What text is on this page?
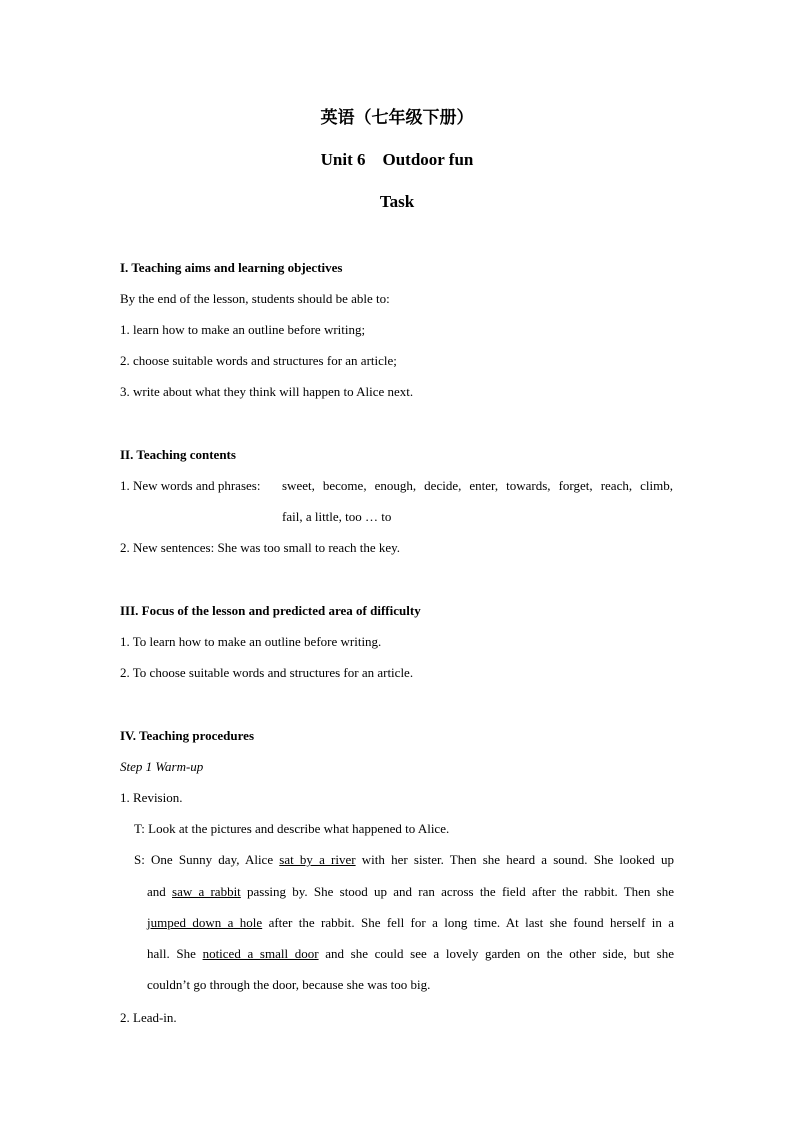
英语（七年级下册）
Unit 6　Outdoor fun
Task
I. Teaching aims and learning objectives
By the end of the lesson, students should be able to:
1. learn how to make an outline before writing;
2. choose suitable words and structures for an article;
3. write about what they think will happen to Alice next.
II. Teaching contents
1. New words and phrases: sweet, become, enough, decide, enter, towards, forget, reach, climb,
fail, a little, too … to
2. New sentences: She was too small to reach the key.
III. Focus of the lesson and predicted area of difficulty
1. To learn how to make an outline before writing.
2. To choose suitable words and structures for an article.
IV. Teaching procedures
Step 1 Warm-up
1. Revision.
T: Look at the pictures and describe what happened to Alice.
S: One Sunny day, Alice sat by a river with her sister. Then she heard a sound. She looked up
and saw a rabbit passing by. She stood up and ran across the field after the rabbit. Then she
jumped down a hole after the rabbit. She fell for a long time. At last she found herself in a
hall. She noticed a small door and she could see a lovely garden on the other side, but she
couldn’t go through the door, because she was too big.
2. Lead-in.
